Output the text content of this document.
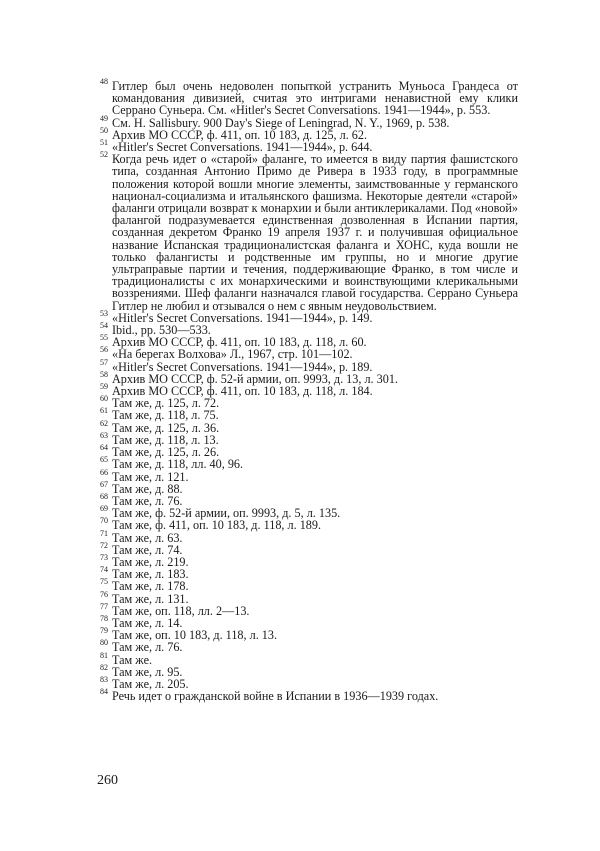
48 Гитлер был очень недоволен попыткой устранить Муньоса Грандеса от командования дивизией, считая это интригами ненавистной ему клики Серрано Суньера. См. «Hitler's Secret Conversations. 1941—1944», р. 553.
49 См. H. Sallisbury. 900 Day's Siege of Leningrad, N. Y., 1969, р. 538.
50 Архив МО СССР, ф. 411, оп. 10 183, д. 125, л. 62.
51 «Hitler's Secret Conversations. 1941—1944», р. 644.
52 Когда речь идет о «старой» фаланге, то имеется в виду партия фашистского типа, созданная Антонио Примо де Ривера в 1933 году, в программные положения которой вошли многие элементы, заимствованные у германского национал-социализма и итальянского фашизма. Некоторые деятели «старой» фаланги отрицали возврат к монархии и были антиклерикалами. Под «новой» фалангой подразумевается единственная дозволенная в Испании партия, созданная декретом Франко 19 апреля 1937 г. и получившая официальное название Испанская традиционалистская фаланга и ХОНС, куда вошли не только фалангисты и родственные им группы, но и многие другие ультраправые партии и течения, поддерживающие Франко, в том числе и традиционалисты с их монархическими и воинствующими клерикальными воззрениями. Шеф фаланги назначался главой государства. Серрано Суньера Гитлер не любил и отзывался о нем с явным неудовольствием.
53 «Hitler's Secret Conversations. 1941—1944», р. 149.
54 Ibid., рр. 530—533.
55 Архив МО СССР, ф. 411, оп. 10 183, д. 118, л. 60.
56 «На берегах Волхова» Л., 1967, стр. 101—102.
57 «Hitler's Secret Conversations. 1941—1944», р. 189.
58 Архив МО СССР, ф. 52-й армии, оп. 9993, д. 13, л. 301.
59 Архив МО СССР, ф. 411, оп. 10 183, д. 118, л. 184.
60 Там же, д. 125, л. 72.
61 Там же, д. 118, л. 75.
62 Там же, д. 125, л. 36.
63 Там же, д. 118, л. 13.
64 Там же, д. 125, л. 26.
65 Там же, д. 118, лл. 40, 96.
66 Там же, л. 121.
67 Там же, д. 88.
68 Там же, л. 76.
69 Там же, ф. 52-й армии, оп. 9993, д. 5, л. 135.
70 Там же, ф. 411, оп. 10 183, д. 118, л. 189.
71 Там же, л. 63.
72 Там же, л. 74.
73 Там же, л. 219.
74 Там же, л. 183.
75 Там же, л. 178.
76 Там же, л. 131.
77 Там же, оп. 118, лл. 2—13.
78 Там же, л. 14.
79 Там же, оп. 10 183, д. 118, л. 13.
80 Там же, л. 76.
81 Там же.
82 Там же, л. 95.
83 Там же, л. 205.
84 Речь идет о гражданской войне в Испании в 1936—1939 годах.
260
